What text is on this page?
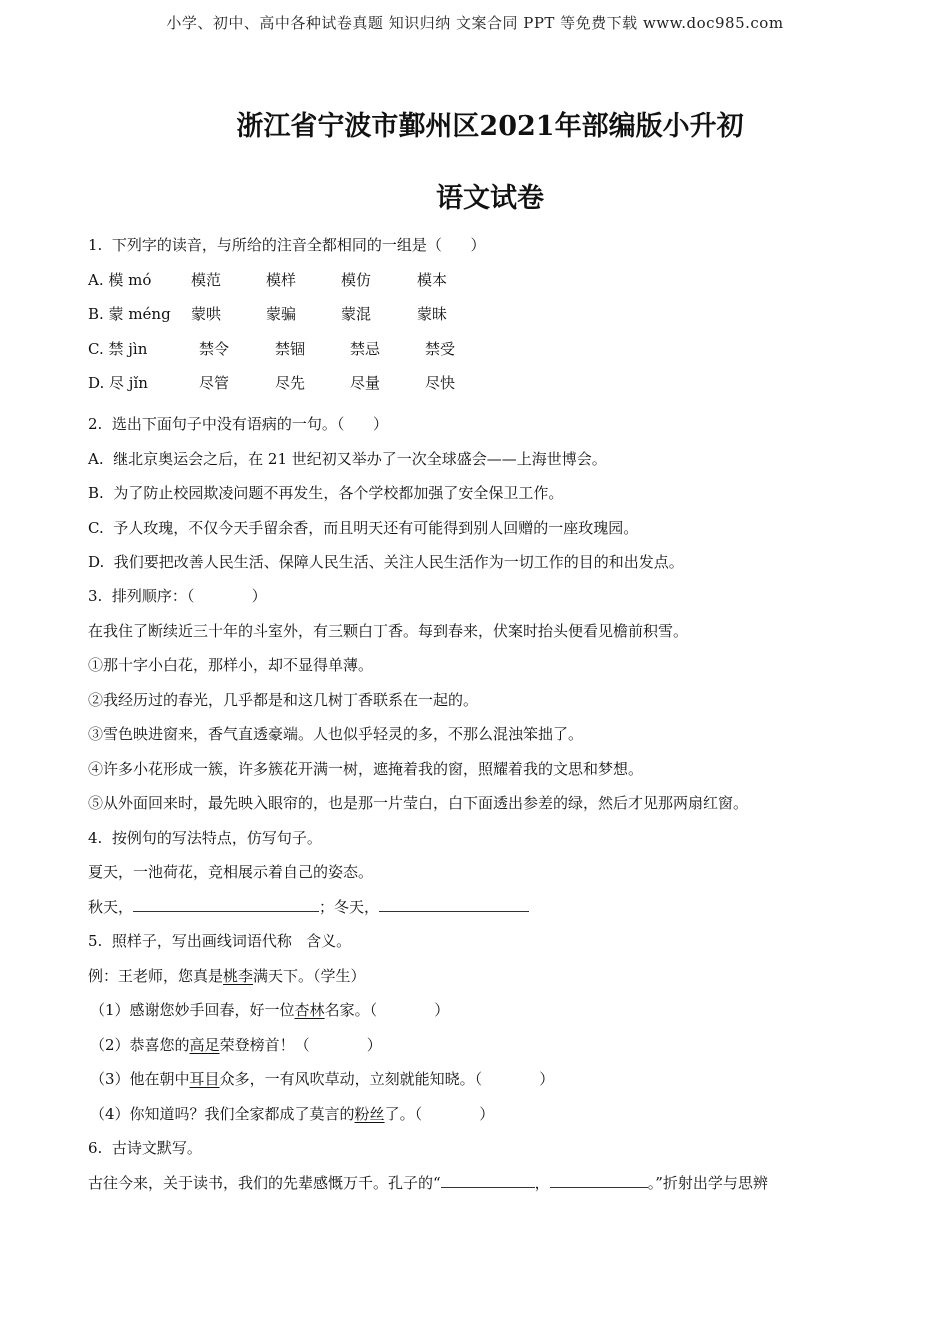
小学、初中、高中各种试卷真题 知识归纳 文案合同 PPT 等免费下载 www.doc985.com
浙江省宁波市鄞州区2021年部编版小升初
语文试卷
1.  下列字的读音，与所给的注音全都相同的一组是（      ）
A. 模 mó	模范	模样	模仿	模本
B. 蒙 méng 蒙哄	蒙骗	蒙混	蒙昧
C. 禁 jìn	禁令	禁锢	禁忌	禁受
D. 尽 jǐn	尽管	尽先	尽量	尽快
2.  选出下面句子中没有语病的一句。（      ）
A.  继北京奥运会之后，在 21 世纪初又举办了一次全球盛会——上海世博会。
B.  为了防止校园欺凌问题不再发生，各个学校都加强了安全保卫工作。
C.  予人玫瑰，不仅今天手留余香，而且明天还有可能得到别人回赠的一座玫瑰园。
D.  我们要把改善人民生活、保障人民生活、关注人民生活作为一切工作的目的和出发点。
3.  排列顺序：（            ）
在我住了断续近三十年的斗室外，有三颗白丁香。每到春来，伏案时抬头便看见檐前积雪。
①那十字小白花，那样小，却不显得单薄。
②我经历过的春光，几乎都是和这几树丁香联系在一起的。
③雪色映进窗来，香气直透豪端。人也似乎轻灵的多，不那么混浊笨拙了。
④许多小花形成一簇，许多簇花开满一树，遮掩着我的窗，照耀着我的文思和梦想。
⑤从外面回来时，最先映入眼帘的，也是那一片莹白，白下面透出参差的绿，然后才见那两扇红窗。
4.  按例句的写法特点，仿写句子。
夏天，一池荷花，竞相展示着自己的姿态。
秋天，	；冬天，
5.  照样子，写出画线词语代称   含义。
例：王老师，您真是桃李满天下。（学生）
（1）感谢您妙手回春，好一位杏林名家。（            ）
（2）恭喜您的高足荣登榜首！（            ）
（3）他在朝中耳目众多，一有风吹草动，立刻就能知晓。（            ）
（4）你知道吗？我们全家都成了莫言的粉丝了。（            ）
6.  古诗文默写。
古往今来，关于读书，我们的先辈感慨万千。孔子的“	，	。”折射出学与思辨
